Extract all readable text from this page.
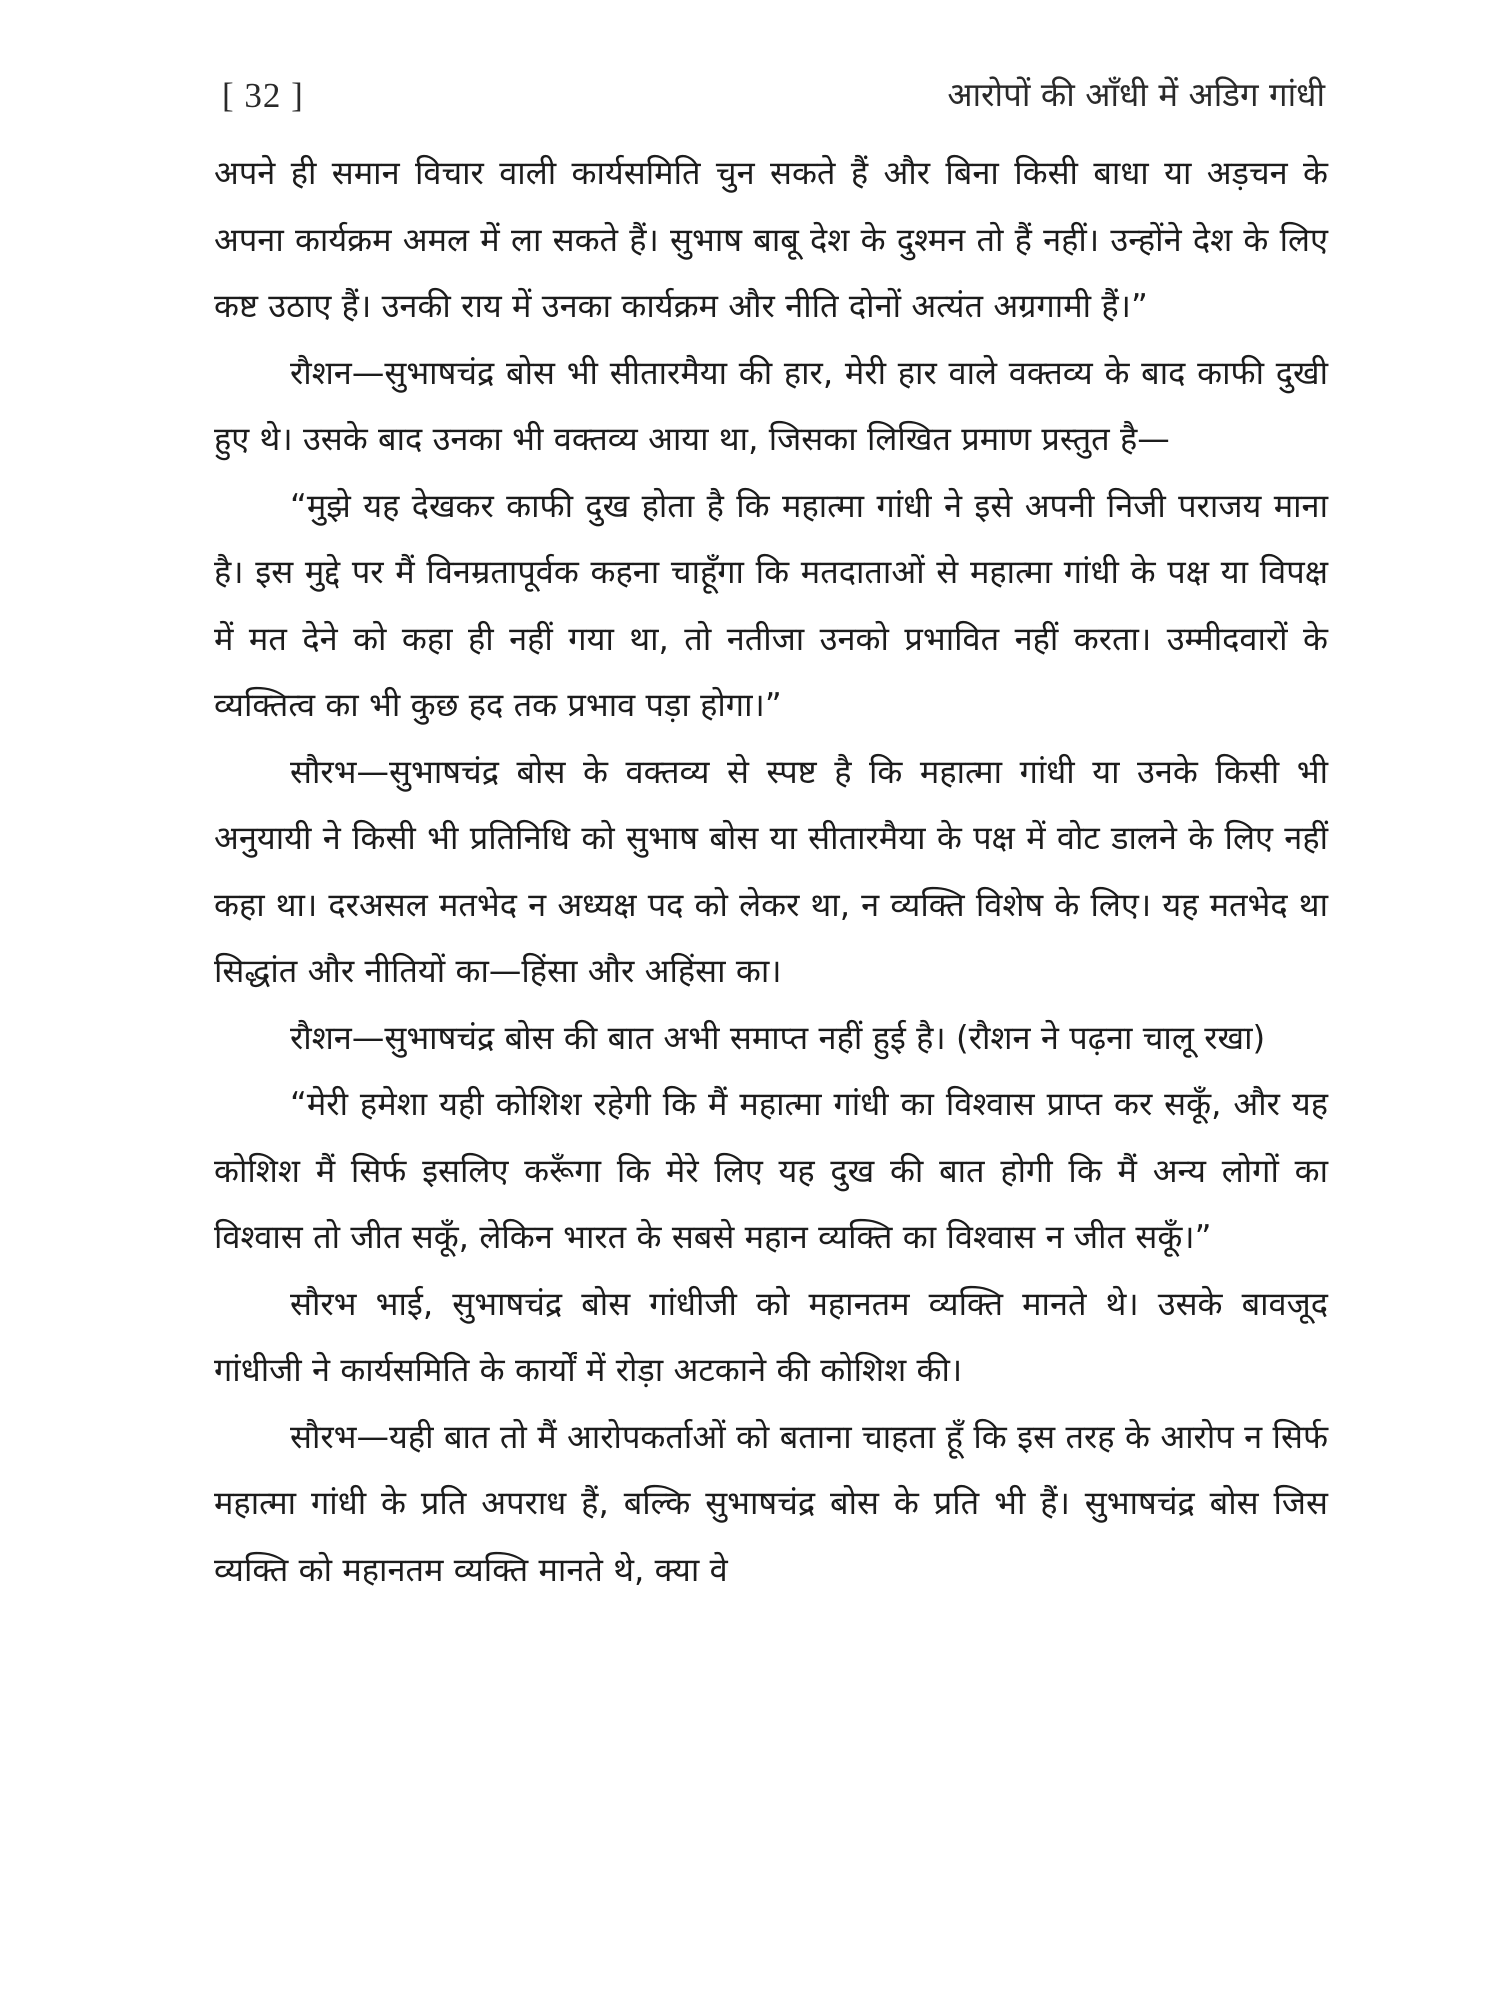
[ 32 ]	आरोपों की आँधी में अडिग गांधी

अपने ही समान विचार वाली कार्यसमिति चुन सकते हैं और बिना किसी बाधा या अड़चन के अपना कार्यक्रम अमल में ला सकते हैं। सुभाष बाबू देश के दुश्मन तो हैं नहीं। उन्होंने देश के लिए कष्ट उठाए हैं। उनकी राय में उनका कार्यक्रम और नीति दोनों अत्यंत अग्रगामी हैं।”

रौशन—सुभाषचंद्र बोस भी सीतारमैया की हार, मेरी हार वाले वक्तव्य के बाद काफी दुखी हुए थे। उसके बाद उनका भी वक्तव्य आया था, जिसका लिखित प्रमाण प्रस्तुत है—

“मुझे यह देखकर काफी दुख होता है कि महात्मा गांधी ने इसे अपनी निजी पराजय माना है। इस मुद्दे पर मैं विनम्रतापूर्वक कहना चाहूँगा कि मतदाताओं से महात्मा गांधी के पक्ष या विपक्ष में मत देने को कहा ही नहीं गया था, तो नतीजा उनको प्रभावित नहीं करता। उम्मीदवारों के व्यक्तित्व का भी कुछ हद तक प्रभाव पड़ा होगा।”

सौरभ—सुभाषचंद्र बोस के वक्तव्य से स्पष्ट है कि महात्मा गांधी या उनके किसी भी अनुयायी ने किसी भी प्रतिनिधि को सुभाष बोस या सीतारमैया के पक्ष में वोट डालने के लिए नहीं कहा था। दरअसल मतभेद न अध्यक्ष पद को लेकर था, न व्यक्ति विशेष के लिए। यह मतभेद था सिद्धांत और नीतियों का—हिंसा और अहिंसा का।

रौशन—सुभाषचंद्र बोस की बात अभी समाप्त नहीं हुई है। (रौशन ने पढ़ना चालू रखा)

“मेरी हमेशा यही कोशिश रहेगी कि मैं महात्मा गांधी का विश्वास प्राप्त कर सकूँ, और यह कोशिश मैं सिर्फ इसलिए करूँगा कि मेरे लिए यह दुख की बात होगी कि मैं अन्य लोगों का विश्वास तो जीत सकूँ, लेकिन भारत के सबसे महान व्यक्ति का विश्वास न जीत सकूँ।”

सौरभ भाई, सुभाषचंद्र बोस गांधीजी को महानतम व्यक्ति मानते थे। उसके बावजूद गांधीजी ने कार्यसमिति के कार्यों में रोड़ा अटकाने की कोशिश की।

सौरभ—यही बात तो मैं आरोपकर्ताओं को बताना चाहता हूँ कि इस तरह के आरोप न सिर्फ महात्मा गांधी के प्रति अपराध हैं, बल्कि सुभाषचंद्र बोस के प्रति भी हैं। सुभाषचंद्र बोस जिस व्यक्ति को महानतम व्यक्ति मानते थे, क्या वे
